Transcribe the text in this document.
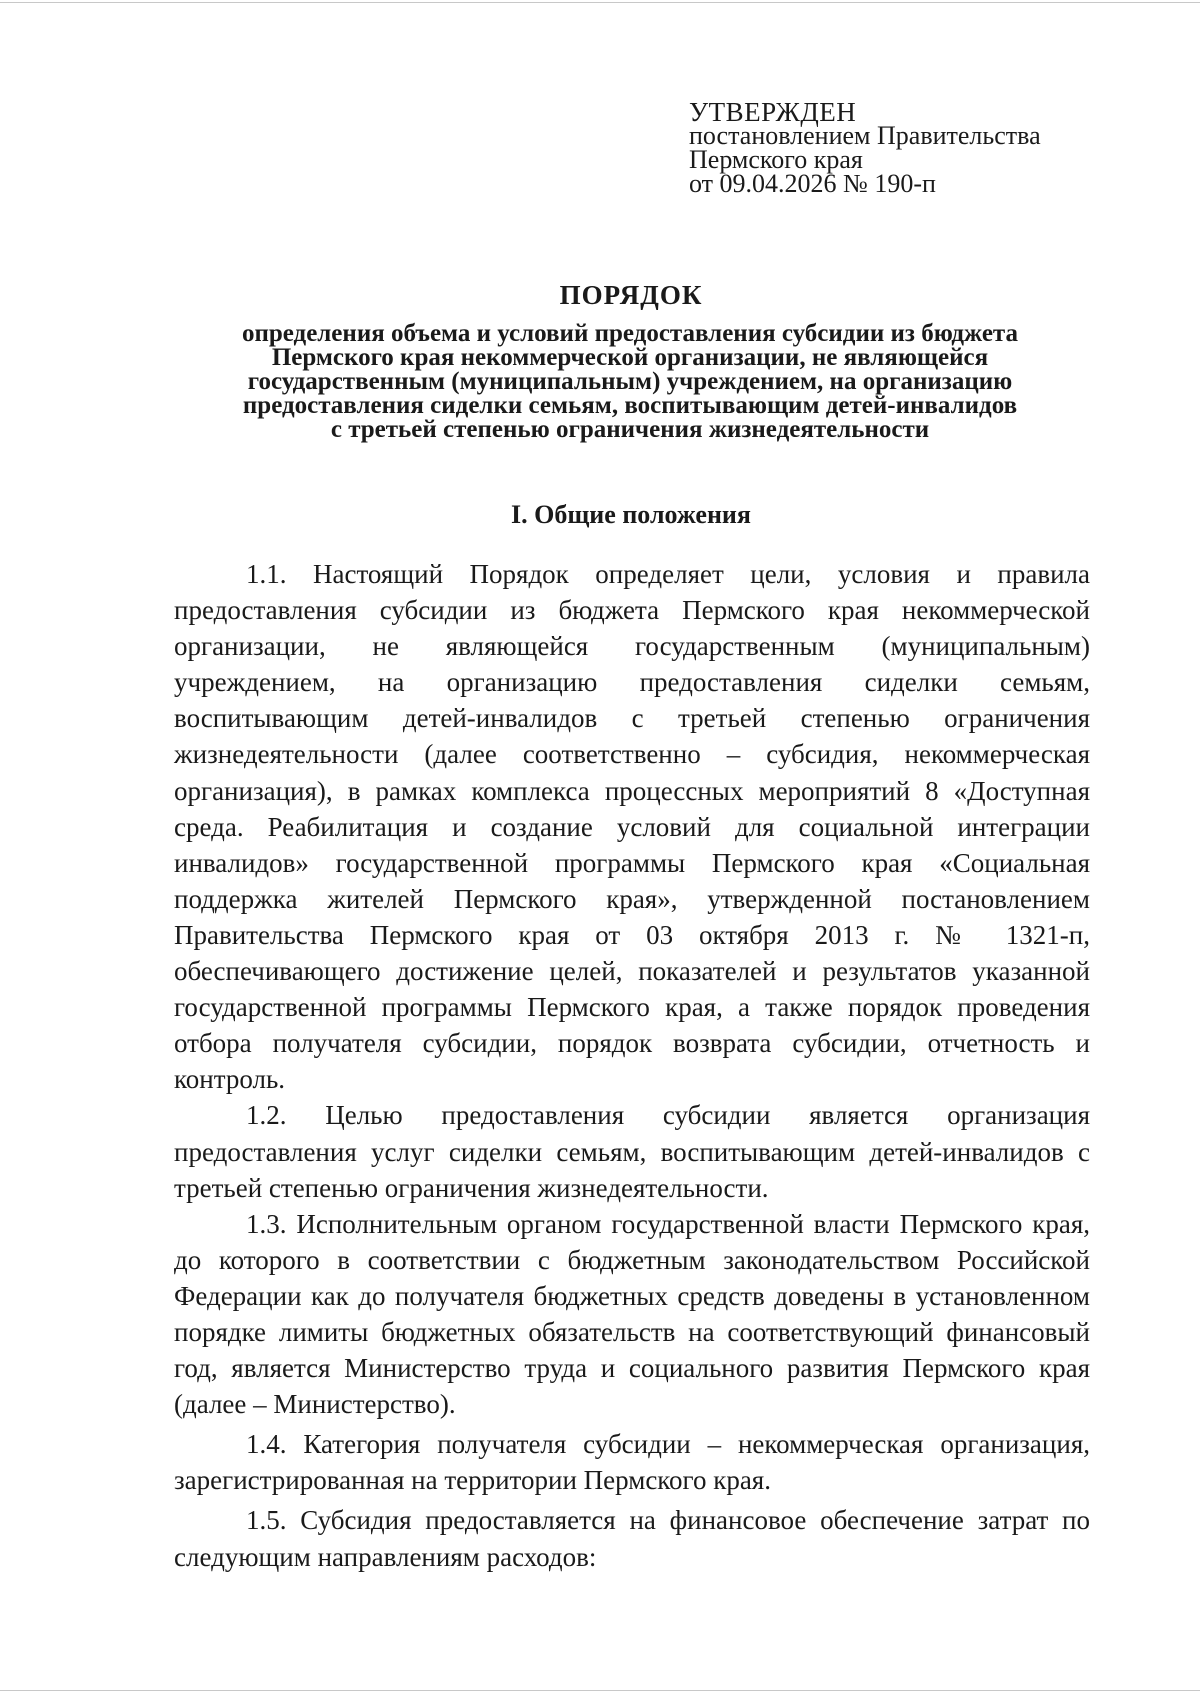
УТВЕРЖДЕН
постановлением Правительства
Пермского края
от 09.04.2026 № 190-п
ПОРЯДОК
определения объема и условий предоставления субсидии из бюджета
Пермского края некоммерческой организации, не являющейся
государственным (муниципальным) учреждением, на организацию
предоставления сиделки семьям, воспитывающим детей-инвалидов
с третьей степенью ограничения жизнедеятельности
I. Общие положения

1.1. Настоящий Порядок определяет цели, условия и правила предоставления субсидии из бюджета Пермского края некоммерческой организации, не являющейся государственным (муниципальным) учреждением, на организацию предоставления сиделки семьям, воспитывающим детей-инвалидов с третьей степенью ограничения жизнедеятельности (далее соответственно – субсидия, некоммерческая организация), в рамках комплекса процессных мероприятий 8 «Доступная среда. Реабилитация и создание условий для социальной интеграции инвалидов» государственной программы Пермского края «Социальная поддержка жителей Пермского края», утвержденной постановлением Правительства Пермского края от 03 октября 2013 г. № 1321-п, обеспечивающего достижение целей, показателей и результатов указанной государственной программы Пермского края, а также порядок проведения отбора получателя субсидии, порядок возврата субсидии, отчетность и контроль.

1.2. Целью предоставления субсидии является организация предоставления услуг сиделки семьям, воспитывающим детей-инвалидов с третьей степенью ограничения жизнедеятельности.

1.3. Исполнительным органом государственной власти Пермского края, до которого в соответствии с бюджетным законодательством Российской Федерации как до получателя бюджетных средств доведены в установленном порядке лимиты бюджетных обязательств на соответствующий финансовый год, является Министерство труда и социального развития Пермского края (далее – Министерство).

1.4. Категория получателя субсидии – некоммерческая организация, зарегистрированная на территории Пермского края.

1.5. Субсидия предоставляется на финансовое обеспечение затрат по следующим направлениям расходов:
